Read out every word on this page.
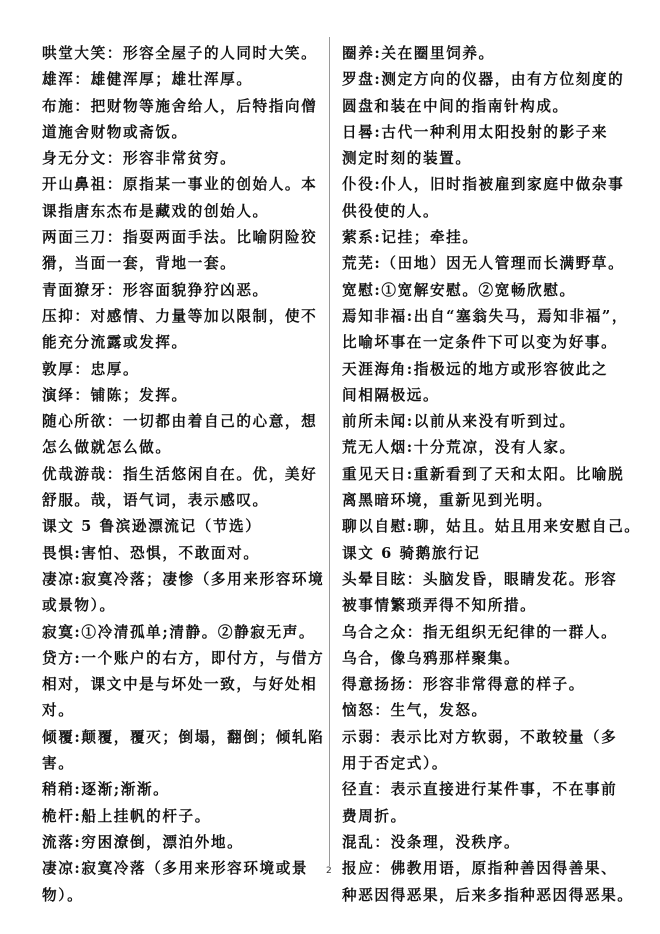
哄堂大笑：形容全屋子的人同时大笑。
雄浑：雄健浑厚；雄壮浑厚。
布施：把财物等施舍给人，后特指向僧
道施舍财物或斋饭。
身无分文：形容非常贫穷。
开山鼻祖：原指某一事业的创始人。本
课指唐东杰布是藏戏的创始人。
两面三刀：指耍两面手法。比喻阴险狡
猾，当面一套，背地一套。
青面獠牙：形容面貌狰狞凶恶。
压抑：对感情、力量等加以限制，使不
能充分流露或发挥。
敦厚：忠厚。
演绎：铺陈；发挥。
随心所欲：一切都由着自己的心意，想
怎么做就怎么做。
优哉游哉：指生活悠闲自在。优，美好
舒服。哉，语气词，表示感叹。
课文 5 鲁滨逊漂流记（节选）
畏惧:害怕、恐惧，不敢面对。
凄凉:寂寞冷落；凄惨（多用来形容环境
或景物）。
寂寞:①冷清孤单;清静。②静寂无声。
贷方:一个账户的右方，即付方，与借方
相对，课文中是与坏处一致，与好处相
对。
倾覆:颠覆，覆灭；倒塌，翻倒；倾轧陷
害。
稍稍:逐渐;渐渐。
桅杆:船上挂帆的杆子。
流落:穷困潦倒，漂泊外地。
凄凉:寂寞冷落（多用来形容环境或景
物）。
圈养:关在圈里饲养。
罗盘:测定方向的仪器，由有方位刻度的
圆盘和装在中间的指南针构成。
日晷:古代一种利用太阳投射的影子来
测定时刻的装置。
仆役:仆人，旧时指被雇到家庭中做杂事
供役使的人。
萦系:记挂；牵挂。
荒芜:（田地）因无人管理而长满野草。
宽慰:①宽解安慰。②宽畅欣慰。
焉知非福:出自“塞翁失马，焉知非福”，
比喻坏事在一定条件下可以变为好事。
天涯海角:指极远的地方或形容彼此之
间相隔极远。
前所未闻:以前从来没有听到过。
荒无人烟:十分荒凉，没有人家。
重见天日:重新看到了天和太阳。比喻脱
离黑暗环境，重新见到光明。
聊以自慰:聊，姑且。姑且用来安慰自己。
课文 6 骑鹅旅行记
头晕目眩：头脑发昏，眼睛发花。形容
被事情繁琐弄得不知所措。
乌合之众：指无组织无纪律的一群人。
乌合，像乌鸦那样聚集。
得意扬扬：形容非常得意的样子。
恼怒：生气，发怒。
示弱：表示比对方软弱，不敢较量（多
用于否定式）。
径直：表示直接进行某件事，不在事前
费周折。
混乱：没条理，没秩序。
报应：佛教用语，原指种善因得善果、
种恶因得恶果，后来多指种恶因得恶果。
2
